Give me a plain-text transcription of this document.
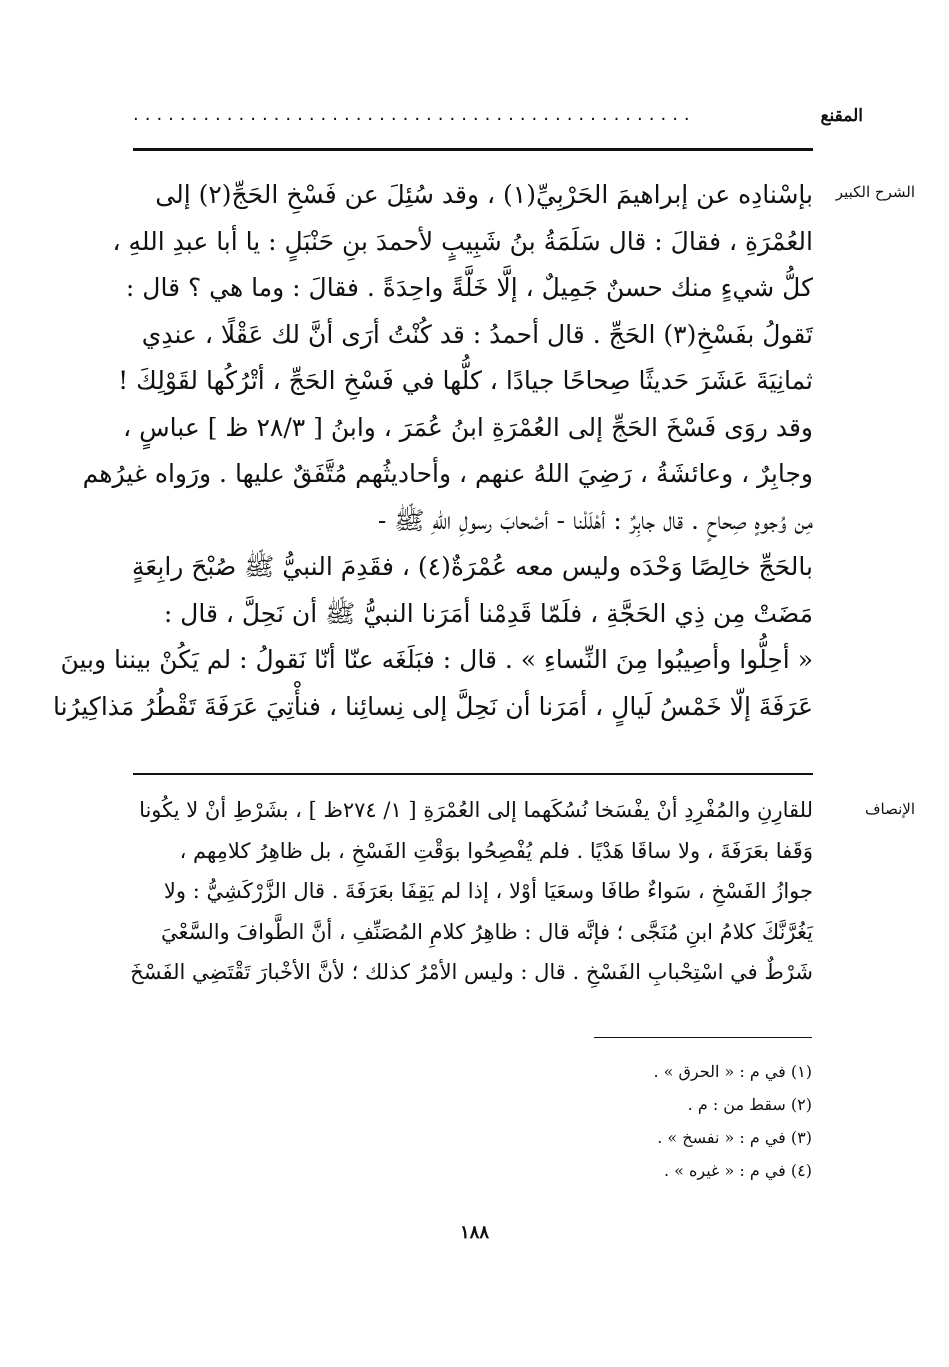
المقنع
................................................
الشرح الكبير
بإسْنادِه عن إبراهيمَ الحَرْبِيِّ(١) ، وقد سُئِلَ عن فَسْخِ الحَجِّ(٢) إلى
العُمْرَةِ ، فقالَ : قال سَلَمَةُ بنُ شَبِيبٍ لأحمدَ بنِ حَنْبَلٍ : يا أبا عبدِ اللهِ ،
كلُّ شيءٍ منك حسنٌ جَمِيلٌ ، إلَّا خَلَّةً واحِدَةً . فقالَ : وما هي ؟ قال :
تَقولُ بفَسْخِ(٣) الحَجِّ . قال أحمدُ : قد كُنْتُ أرَى أنَّ لك عَقْلًا ، عندِي
ثمانِيَةَ عَشَرَ حَديثًا صِحاحًا جيادًا ، كلُّها في فَسْخِ الحَجِّ ، أتْرُكُها لقَوْلِكَ !
وقد روَى فَسْخَ الحَجِّ إلى العُمْرَةِ ابنُ عُمَرَ ، وابنُ [ ٢٨/٣ ظ ] عباسٍ ،
وجابِرٌ ، وعائشَةُ ، رَضِيَ اللهُ عنهم ، وأحاديثُهم مُتَّفَقٌ عليها . ورَواه غيرُهم
مِن وُجوهٍ صِحاحٍ . قال جابِرٌ : أهْلَلْنا - أصْحابَ رسولِ اللهِ ﷺ -
بالحَجِّ خالِصًا وَحْدَه وليس معه عُمْرَةٌ(٤) ، فقَدِمَ النبيُّ ﷺ صُبْحَ رابِعَةٍ
مَضَتْ مِن ذِي الحَجَّةِ ، فلَمّا قَدِمْنا أمَرَنا النبيُّ ﷺ أن نَحِلَّ ، قال :
« أحِلُّوا وأصِيبُوا مِنَ النِّساءِ » . قال : فبَلَغَه عنّا أنّا نَقولُ : لم يَكُنْ بيننا وبينَ
عَرَفَةَ إلّا خَمْسُ لَيالٍ ، أمَرَنا أن نَحِلَّ إلى نِسائِنا ، فنأْتِيَ عَرَفَةَ تَقْطُرُ مَذاكِيرُنا
الإنصاف
للقارِنِ والمُفْرِدِ أنْ يفْسَخا نُسُكَهما إلى العُمْرَةِ [ ١/ ٢٧٤ظ ] ، بشَرْطِ أنْ لا يكُونا
وَقَفا بعَرَفَةَ ، ولا ساقَا هَدْيًا . فلم يُفْصِحُوا بوَقْتِ الفَسْخِ ، بل ظاهِرُ كلامِهم ،
جوازُ الفَسْخِ ، سَواءٌ طافَا وسعَيَا أوْلا ، إذا لم يَقِفَا بعَرَفَةَ . قال الزَّرْكَشِيُّ : ولا
يَغُرَّنَّكَ كلامُ ابنِ مُنَجَّى ؛ فإنَّه قال : ظاهِرُ كلامِ المُصَنِّفِ ، أنَّ الطَّوافَ والسَّعْيَ
شَرْطٌ في اسْتِحْبابِ الفَسْخِ . قال : وليس الأمْرُ كذلك ؛ لأنَّ الأخْبارَ تَقْتَضِي الفَسْخَ
(١) في م : « الحرق » .
(٢) سقط من : م .
(٣) في م : « نفسخ » .
(٤) في م : « غيره » .
١٨٨
